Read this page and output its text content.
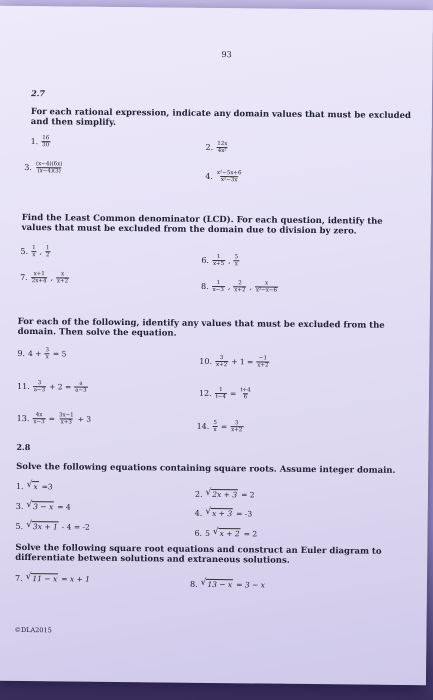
93
2.7
For each rational expression, indicate any domain values that must be excluded and then simplify.
1. $\frac{16}{30}$	2. $\frac{12x}{\text{4x²}}$
3. $\frac{(x-4)(6x)}{(x-4)(3)}$
4. $\frac{\text{x²−5x+6}}{\text{x²−3x}}$
Find the Least Common denominator (LCD). For each question, identify the values that must be excluded from the domain due to division by zero.
5. $\frac{1}{x}$ , $\frac{1}{2}$
6. $\frac{1}{x+5}$ , $\frac{5}{x}$
7. $\frac{x+1}{2x+4}$ , $\frac{x}{x+2}$
8. $\frac{1}{x-3}$ , $\frac{2}{x+2}$ , $\frac{x}{\text{x²−x−6}}$
For each of the following, identify any values that must be excluded from the domain. Then solve the equation.
9. $4 + \frac{3}{x} = 5$
10. $\frac{3}{x+2} + 1 = \frac{-1}{x+2}$
11. $\frac{3}{a-3} + 2 = \frac{a}{a-3}$	12. $\frac{1}{t-4} = \frac{t+4}{6}$
13. $\frac{4x}{x-3} = \frac{3x-1}{x+3} + 3$
14. $\frac{5}{x} = \frac{3}{x+2}$
2.8
Solve the following equations containing square roots. Assume integer domain.
1. √ x =3
2. √ 2x + 3 = 2
3. √ 3 − x = 4
4. √ x + 3 = -3
5. √ 3x + 1 - 4 = -2
6. 5 √ x + 2 = 2
Solve the following square root equations and construct an Euler diagram to differentiate between solutions and extraneous solutions.
7. √ 11 − x = x + 1
8. √ 13 − x = 3 − x
©DLA2015
